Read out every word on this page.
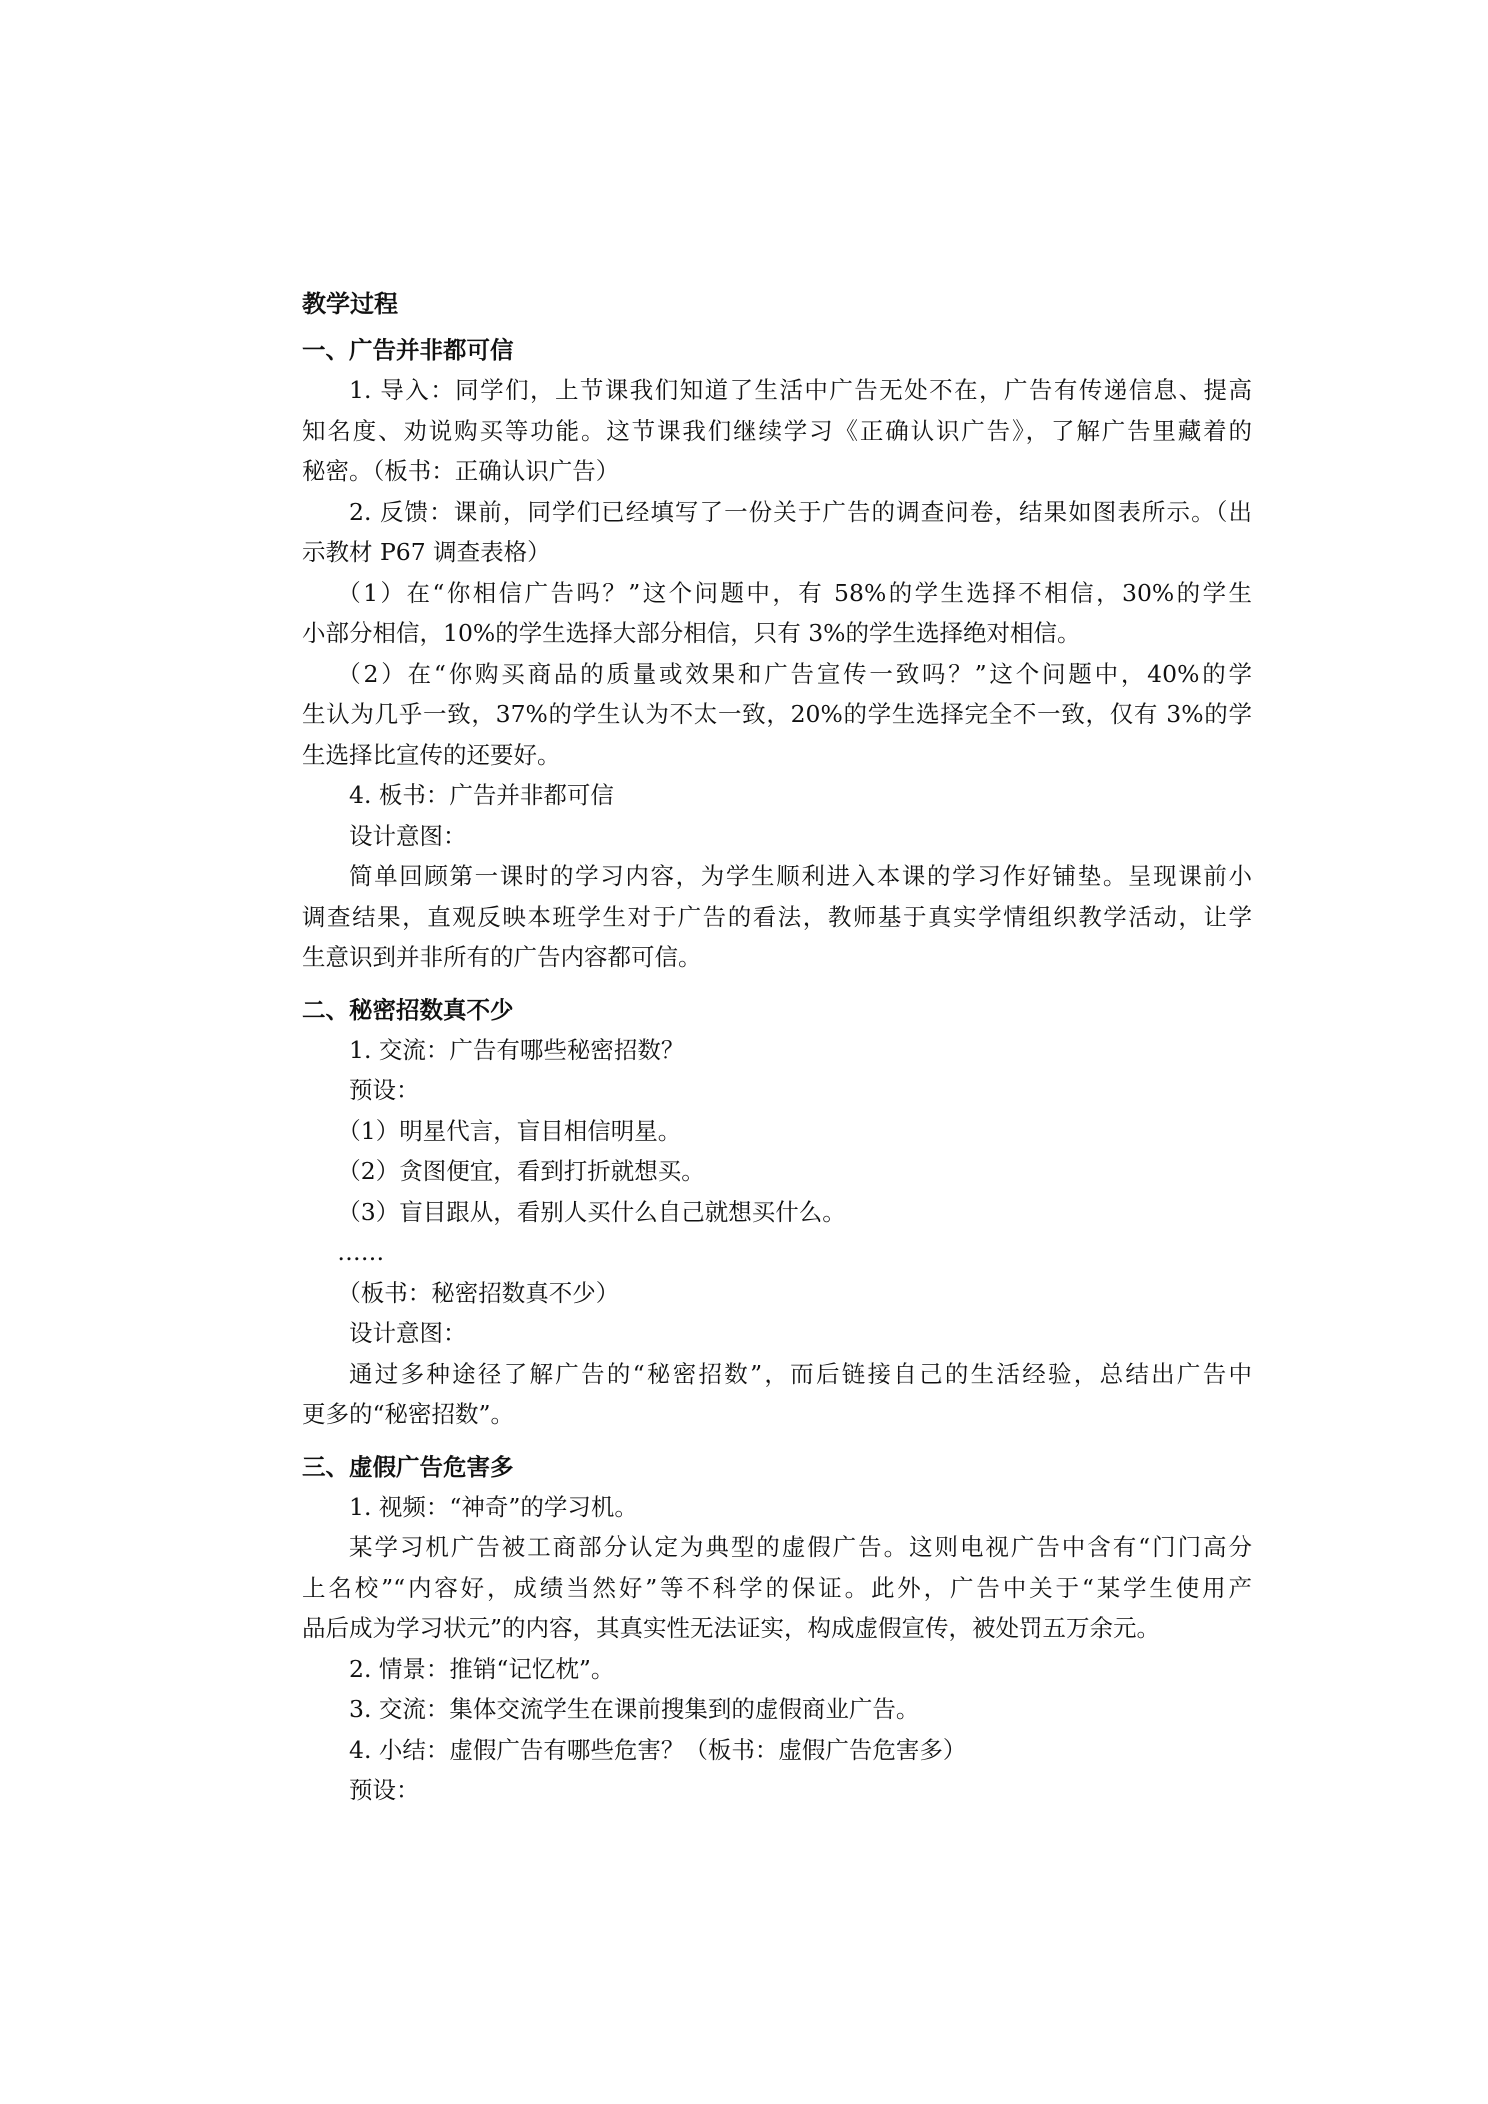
教学过程
一、广告并非都可信
1. 导入：同学们，上节课我们知道了生活中广告无处不在，广告有传递信息、提高
知名度、劝说购买等功能。这节课我们继续学习《正确认识广告》，了解广告里藏着的
秘密。（板书：正确认识广告）
2. 反馈：课前，同学们已经填写了一份关于广告的调查问卷，结果如图表所示。（出
示教材 P67 调查表格）
（1）在“你相信广告吗？”这个问题中，有 58%的学生选择不相信，30%的学生
小部分相信，10%的学生选择大部分相信，只有 3%的学生选择绝对相信。
（2）在“你购买商品的质量或效果和广告宣传一致吗？”这个问题中，40%的学
生认为几乎一致，37%的学生认为不太一致，20%的学生选择完全不一致，仅有 3%的学
生选择比宣传的还要好。
4. 板书：广告并非都可信
设计意图：
简单回顾第一课时的学习内容，为学生顺利进入本课的学习作好铺垫。呈现课前小
调查结果，直观反映本班学生对于广告的看法，教师基于真实学情组织教学活动，让学
生意识到并非所有的广告内容都可信。
二、秘密招数真不少
1. 交流：广告有哪些秘密招数？
预设：
（1）明星代言，盲目相信明星。
（2）贪图便宜，看到打折就想买。
（3）盲目跟从，看别人买什么自己就想买什么。
……
（板书：秘密招数真不少）
设计意图：
通过多种途径了解广告的“秘密招数”，而后链接自己的生活经验，总结出广告中
更多的“秘密招数”。
三、虚假广告危害多
1. 视频：“神奇”的学习机。
某学习机广告被工商部分认定为典型的虚假广告。这则电视广告中含有“门门高分
上名校”“内容好，成绩当然好”等不科学的保证。此外，广告中关于“某学生使用产
品后成为学习状元”的内容，其真实性无法证实，构成虚假宣传，被处罚五万余元。
2. 情景：推销“记忆枕”。
3. 交流：集体交流学生在课前搜集到的虚假商业广告。
4. 小结：虚假广告有哪些危害？（板书：虚假广告危害多）
预设：
